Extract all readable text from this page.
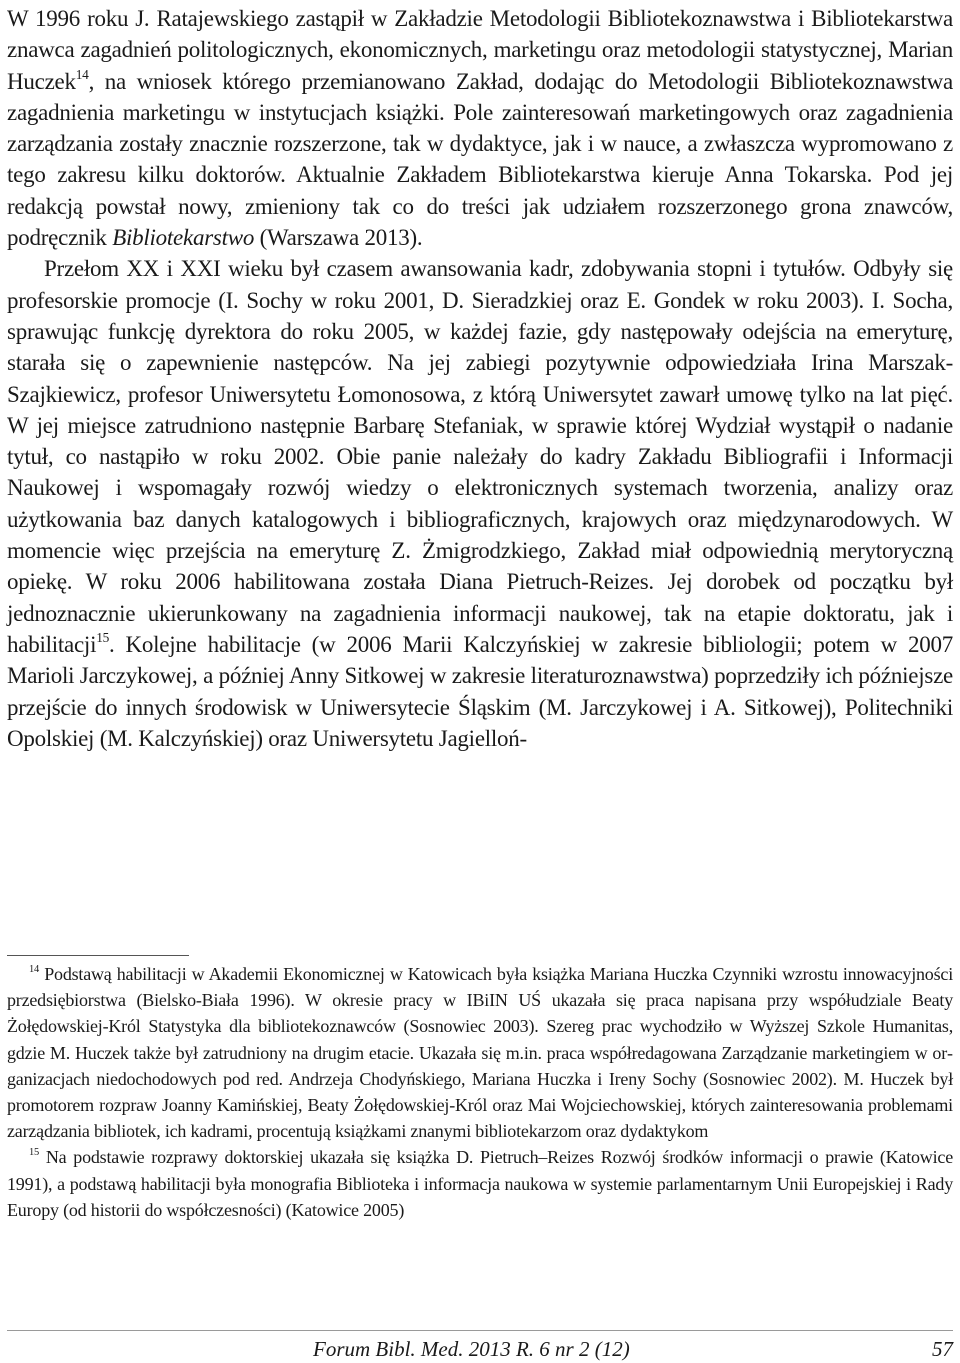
W 1996 roku J. Ratajewskiego zastąpił w Zakładzie Metodologii Bibliotekoznawstwa i Bibliotekarstwa znawca zagadnień politologicznych, ekonomicznych, marketingu oraz metodologii statystycznej, Marian Huczek$^{14}$, na wniosek którego przemianowano Zakład, dodając do Metodologii Bibliotekoznawstwa zagadnienia marketingu w instytucjach książki. Pole zainteresowań marketingowych oraz zagadnienia zarządzania zostały znacznie rozszerzone, tak w dydaktyce, jak i w nauce, a zwłaszcza wypromowano z tego zakresu kilku doktorów. Aktualnie Zakładem Bibliotekarstwa kieruje Anna Tokarska. Pod jej redakcją powstał nowy, zmieniony tak co do treści jak udziałem rozszerzonego grona znawców, podręcznik Bibliotekarstwo (Warszawa 2013).

Przełom XX i XXI wieku był czasem awansowania kadr, zdobywania stopni i tytułów. Odbyły się profesorskie promocje (I. Sochy w roku 2001, D. Sieradzkiej oraz E. Gondek w roku 2003). I. Socha, sprawując funkcję dyrektora do roku 2005, w każdej fazie, gdy następowały odejścia na emeryturę, starała się o zapewnienie następców. Na jej zabiegi pozytywnie odpowiedziała Irina Marszak-Szajkiewicz, profesor Uniwersytetu Łomonosowa, z którą Uniwersytet zawarł umowę tylko na lat pięć. W jej miejsce zatrudniono następnie Barbarę Stefaniak, w sprawie której Wydział wystąpił o nadanie tytuł, co nastąpiło w roku 2002. Obie panie należały do kadry Zakładu Bibliografii i Informacji Naukowej i wspomagały rozwój wiedzy o elektronicznych systemach tworzenia, analizy oraz użytkowania baz danych katalogowych i bibliograficznych, krajowych oraz międzynarodowych. W momencie więc przejścia na emeryturę Z. Żmigrodzkiego, Zakład miał odpowiednią merytoryczną opiekę. W roku 2006 habilitowana została Diana Pietruch-Reizes. Jej dorobek od początku był jednoznacznie ukierunkowany na zagadnienia informacji naukowej, tak na etapie doktoratu, jak i habilitacji$^{15}$. Kolejne habilitacje (w 2006 Marii Kalczyńskiej w zakresie bibliologii; potem w 2007 Marioli Jarczykowej, a później Anny Sitkowej w zakresie literaturoznawstwa) poprzedziły ich późniejsze przejście do innych środowisk w Uniwersytecie Śląskim (M. Jarczykowej i A. Sitkowej), Politechniki Opolskiej (M. Kalczyńskiej) oraz Uniwersytetu Jagielloń-

$^{14}$ Podstawą habilitacji w Akademii Ekonomicznej w Katowicach była książka Mariana Huczka Czynniki wzrostu innowacyjności przedsiębiorstwa (Bielsko-Biała 1996). W okresie pracy w IBiIN UŚ ukazała się praca napisana przy współudziale Beaty Żołędowskiej-Król Statystyka dla bibliotekoznawców (Sosnowiec 2003). Szereg prac wychodziło w Wyższej Szkole Humanitas, gdzie M. Huczek także był zatrudniony na drugim etacie. Ukazała się m.in. praca współredagowana Zarządzanie marketingiem w organizacjach niedochodowych pod red. Andrzeja Chodyńskiego, Mariana Huczka i Ireny Sochy (Sosnowiec 2002). M. Huczek był promotorem rozpraw Joanny Kamińskiej, Beaty Żołędowskiej-Król oraz Mai Wojciechowskiej, których zainteresowania problemami zarządzania bibliotek, ich kadrami, procentują książkami znanymi bibliotekarzom oraz dydaktykom

$^{15}$ Na podstawie rozprawy doktorskiej ukazała się książka D. Pietruch–Reizes Rozwój środków informacji o prawie (Katowice 1991), a podstawą habilitacji była monografia Biblioteka i informacja naukowa w systemie parlamentarnym Unii Europejskiej i Rady Europy (od historii do współczesności) (Katowice 2005)

Forum Bibl. Med. 2013 R. 6 nr 2 (12)	57
